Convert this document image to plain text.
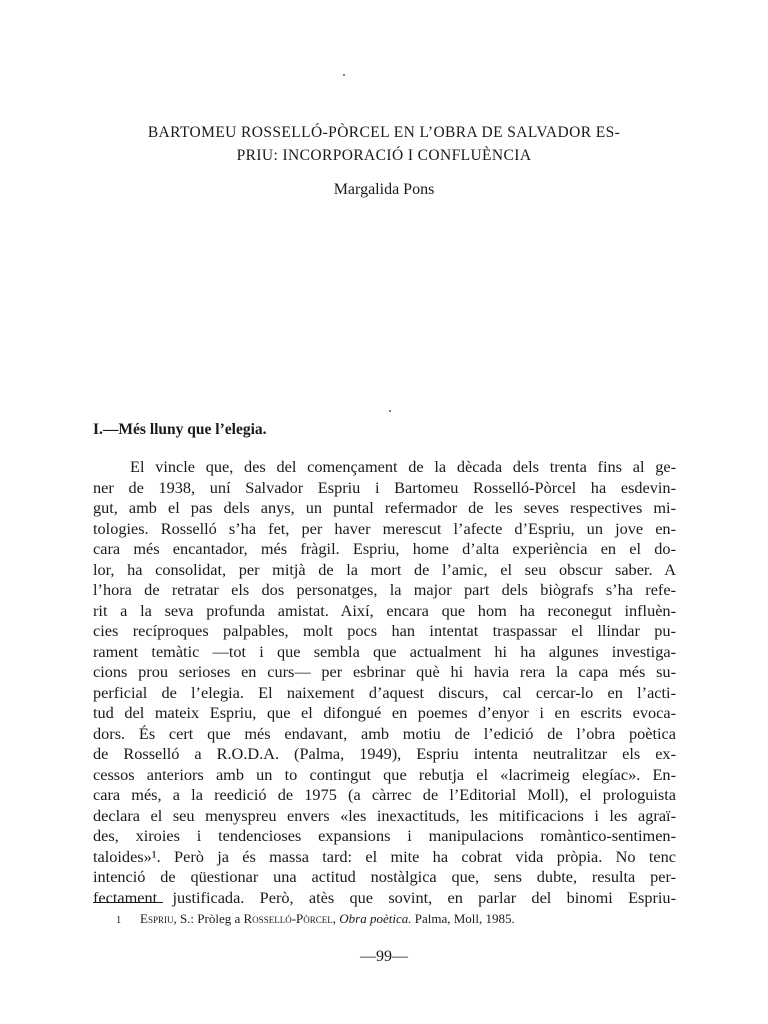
BARTOMEU ROSSELLÓ-PÒRCEL EN L’OBRA DE SALVADOR ES-
PRIU: INCORPORACIÓ I CONFLUÈNCIA
Margalida Pons
I.—Més lluny que l’elegia.
El vincle que, des del començament de la dècada dels trenta fins al ge-
ner de 1938, uní Salvador Espriu i Bartomeu Rosselló-Pòrcel ha esdevin-
gut, amb el pas dels anys, un puntal refermador de les seves respectives mi-
tologies. Rosselló s’ha fet, per haver merescut l’afecte d’Espriu, un jove en-
cara més encantador, més fràgil. Espriu, home d’alta experiència en el do-
lor, ha consolidat, per mitjà de la mort de l’amic, el seu obscur saber. A
l’hora de retratar els dos personatges, la major part dels biògrafs s’ha refe-
rit a la seva profunda amistat. Així, encara que hom ha reconegut influèn-
cies recíproques palpables, molt pocs han intentat traspassar el llindar pu-
rament temàtic —tot i que sembla que actualment hi ha algunes investiga-
cions prou serioses en curs— per esbrinar què hi havia rera la capa més su-
perficial de l’elegia. El naixement d’aquest discurs, cal cercar-lo en l’acti-
tud del mateix Espriu, que el difongué en poemes d’enyor i en escrits evoca-
dors. És cert que més endavant, amb motiu de l’edició de l’obra poètica
de Rosselló a R.O.D.A. (Palma, 1949), Espriu intenta neutralitzar els ex-
cessos anteriors amb un to contingut que rebutja el «lacrimeig elegíac». En-
cara més, a la reedició de 1975 (a càrrec de l’Editorial Moll), el prologuista
declara el seu menyspreu envers «les inexactituds, les mitificacions i les agraï-
des, xiroies i tendencioses expansions i manipulacions romàntico-sentimen-
taloides»¹. Però ja és massa tard: el mite ha cobrat vida pròpia. No tenc
intenció de qüestionar una actitud nostàlgica que, sens dubte, resulta per-
fectament justificada. Però, atès que sovint, en parlar del binomi Espriu-
1 Espriu, S.: Pròleg a Rosselló-Pòrcel, Obra poètica. Palma, Moll, 1985.
—99—
